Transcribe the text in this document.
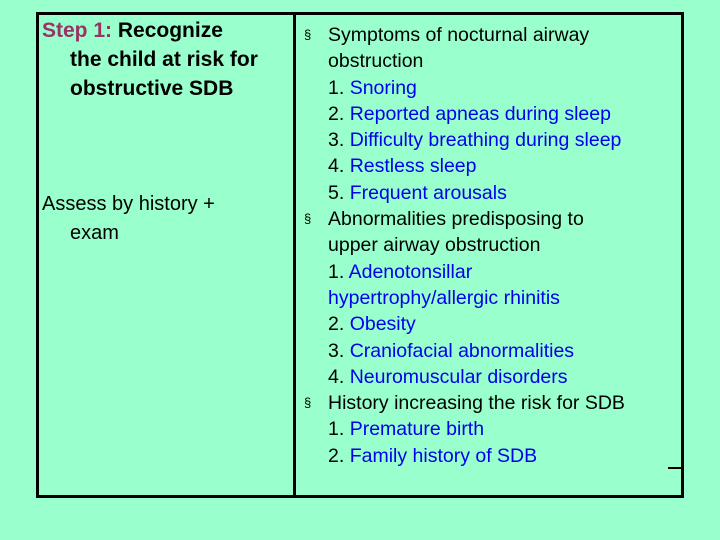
Step 1: Recognize
the child at risk for
obstructive SDB
Assess by history +
exam
§ Symptoms of nocturnal airway
obstruction
1. Snoring
2. Reported apneas during sleep
3. Difficulty breathing during sleep
4. Restless sleep
5. Frequent arousals
§ Abnormalities predisposing to
upper airway obstruction
1. Adenotonsillar
hypertrophy/allergic rhinitis
2. Obesity
3. Craniofacial abnormalities
4. Neuromuscular disorders
§ History increasing the risk for SDB
1. Premature birth
2. Family history of SDB
